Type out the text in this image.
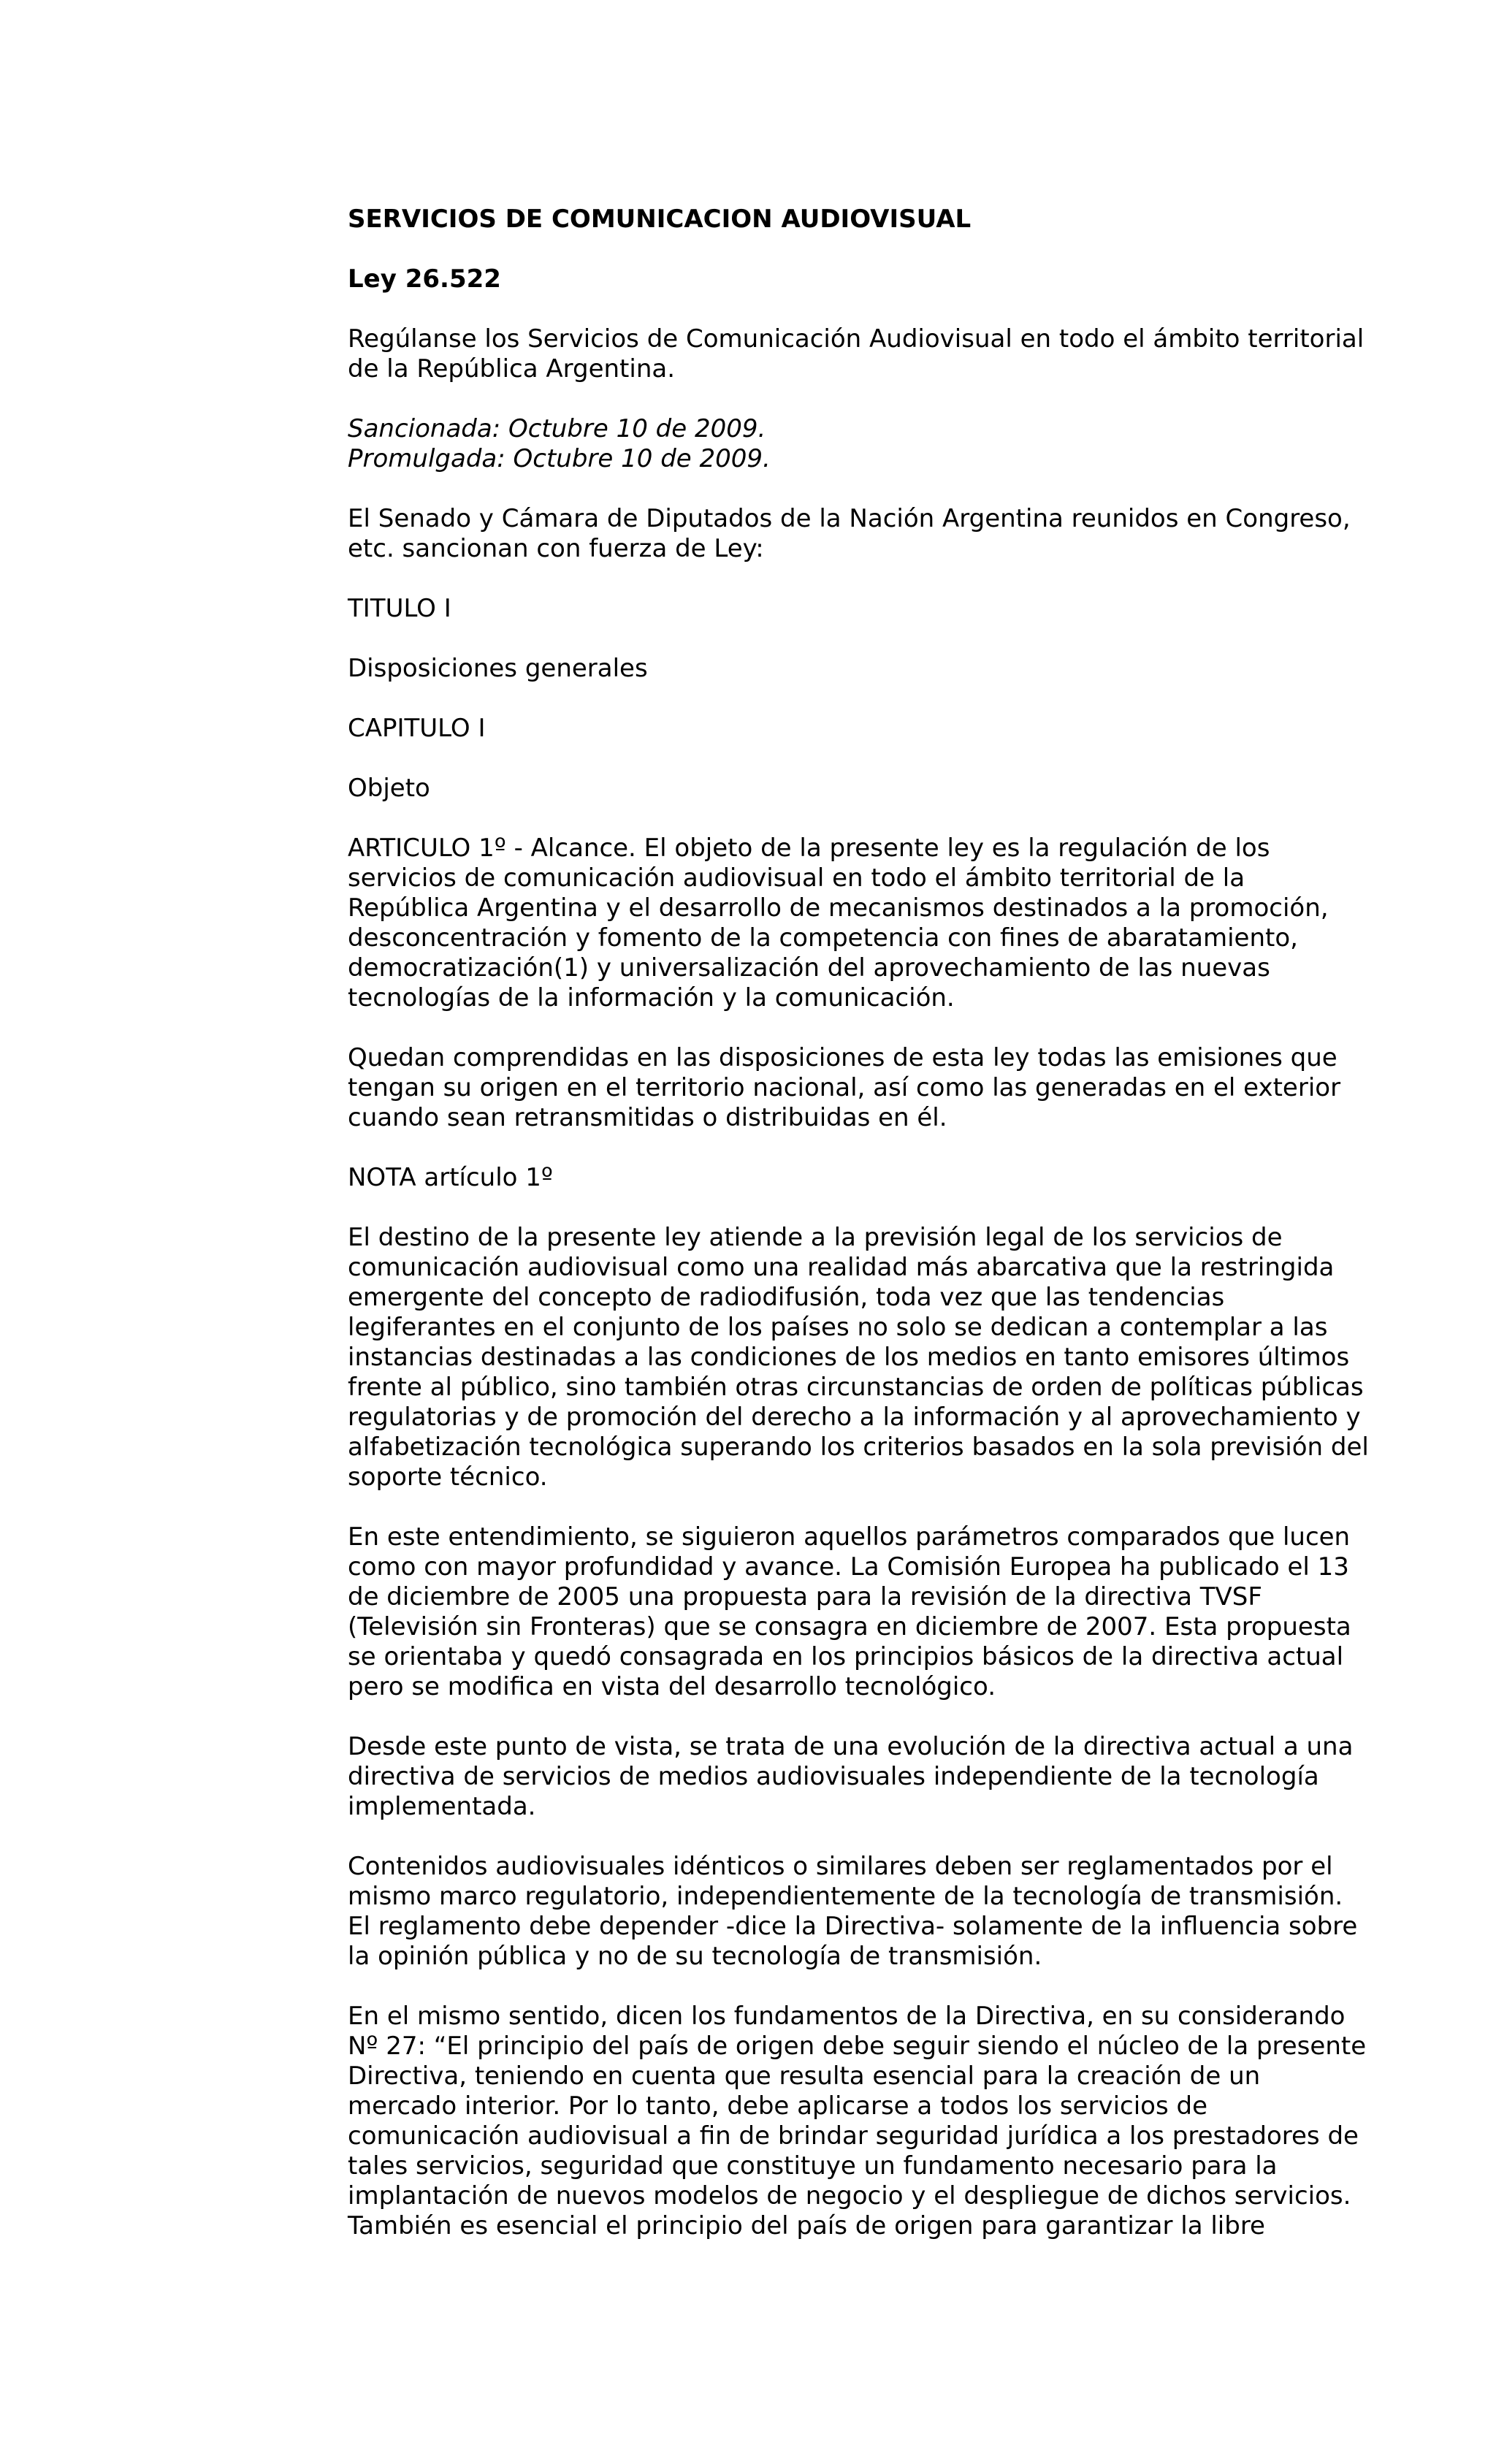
SERVICIOS DE COMUNICACION AUDIOVISUAL

Ley 26.522

Regúlanse los Servicios de Comunicación Audiovisual en todo el ámbito territorial de la República Argentina.

Sancionada: Octubre 10 de 2009.
Promulgada: Octubre 10 de 2009.

El Senado y Cámara de Diputados de la Nación Argentina reunidos en Congreso, etc. sancionan con fuerza de Ley:

TITULO I

Disposiciones generales

CAPITULO I

Objeto

ARTICULO 1º - Alcance. El objeto de la presente ley es la regulación de los servicios de comunicación audiovisual en todo el ámbito territorial de la República Argentina y el desarrollo de mecanismos destinados a la promoción, desconcentración y fomento de la competencia con fines de abaratamiento, democratización(1) y universalización del aprovechamiento de las nuevas tecnologías de la información y la comunicación.

Quedan comprendidas en las disposiciones de esta ley todas las emisiones que tengan su origen en el territorio nacional, así como las generadas en el exterior cuando sean retransmitidas o distribuidas en él.

NOTA artículo 1º

El destino de la presente ley atiende a la previsión legal de los servicios de comunicación audiovisual como una realidad más abarcativa que la restringida emergente del concepto de radiodifusión, toda vez que las tendencias legiferantes en el conjunto de los países no solo se dedican a contemplar a las instancias destinadas a las condiciones de los medios en tanto emisores últimos frente al público, sino también otras circunstancias de orden de políticas públicas regulatorias y de promoción del derecho a la información y al aprovechamiento y alfabetización tecnológica superando los criterios basados en la sola previsión del soporte técnico.

En este entendimiento, se siguieron aquellos parámetros comparados que lucen como con mayor profundidad y avance. La Comisión Europea ha publicado el 13 de diciembre de 2005 una propuesta para la revisión de la directiva TVSF (Televisión sin Fronteras) que se consagra en diciembre de 2007. Esta propuesta se orientaba y quedó consagrada en los principios básicos de la directiva actual pero se modifica en vista del desarrollo tecnológico.

Desde este punto de vista, se trata de una evolución de la directiva actual a una directiva de servicios de medios audiovisuales independiente de la tecnología implementada.

Contenidos audiovisuales idénticos o similares deben ser reglamentados por el mismo marco regulatorio, independientemente de la tecnología de transmisión. El reglamento debe depender -dice la Directiva- solamente de la influencia sobre la opinión pública y no de su tecnología de transmisión.

En el mismo sentido, dicen los fundamentos de la Directiva, en su considerando Nº 27: “El principio del país de origen debe seguir siendo el núcleo de la presente Directiva, teniendo en cuenta que resulta esencial para la creación de un mercado interior. Por lo tanto, debe aplicarse a todos los servicios de comunicación audiovisual a fin de brindar seguridad jurídica a los prestadores de tales servicios, seguridad que constituye un fundamento necesario para la implantación de nuevos modelos de negocio y el despliegue de dichos servicios. También es esencial el principio del país de origen para garantizar la libre
